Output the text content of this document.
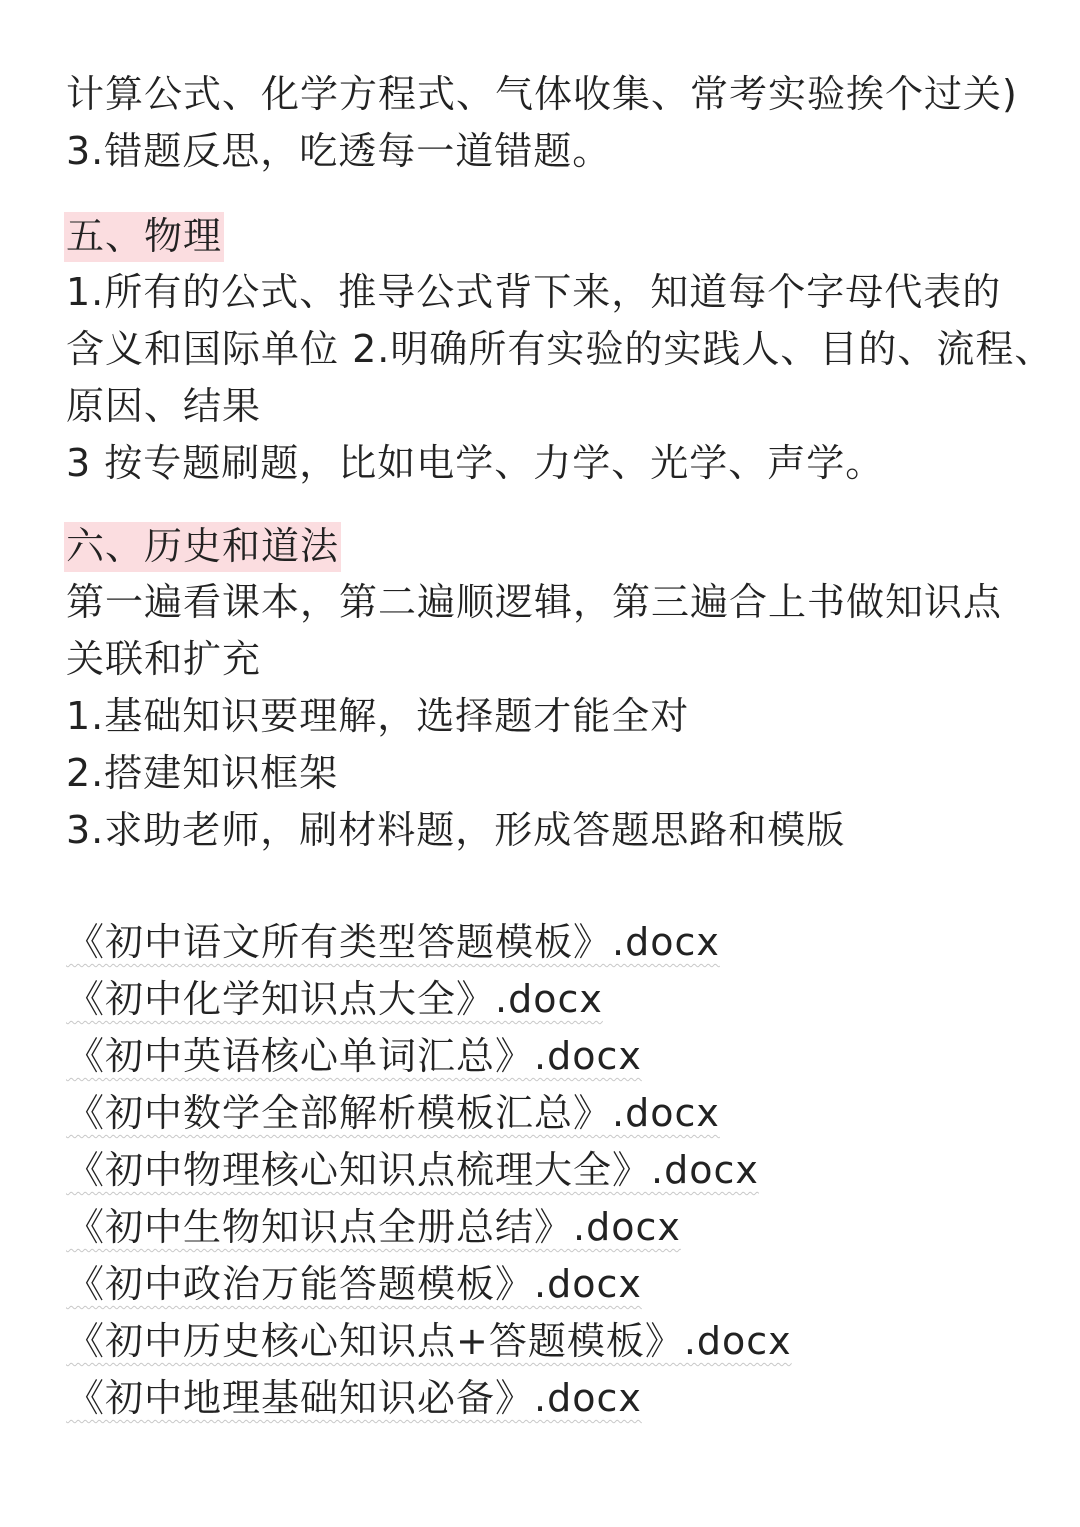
计算公式、化学方程式、气体收集、常考实验挨个过关)
3.错题反思，吃透每一道错题。
五、物理
1.所有的公式、推导公式背下来，知道每个字母代表的
含义和国际单位 2.明确所有实验的实践人、目的、流程、
原因、结果
3 按专题刷题，比如电学、力学、光学、声学。
六、历史和道法
第一遍看课本，第二遍顺逻辑，第三遍合上书做知识点
关联和扩充
1.基础知识要理解，选择题才能全对
2.搭建知识框架
3.求助老师，刷材料题，形成答题思路和模版
《初中语文所有类型答题模板》.docx
《初中化学知识点大全》.docx
《初中英语核心单词汇总》.docx
《初中数学全部解析模板汇总》.docx
《初中物理核心知识点梳理大全》.docx
《初中生物知识点全册总结》.docx
《初中政治万能答题模板》.docx
《初中历史核心知识点+答题模板》.docx
《初中地理基础知识必备》.docx
